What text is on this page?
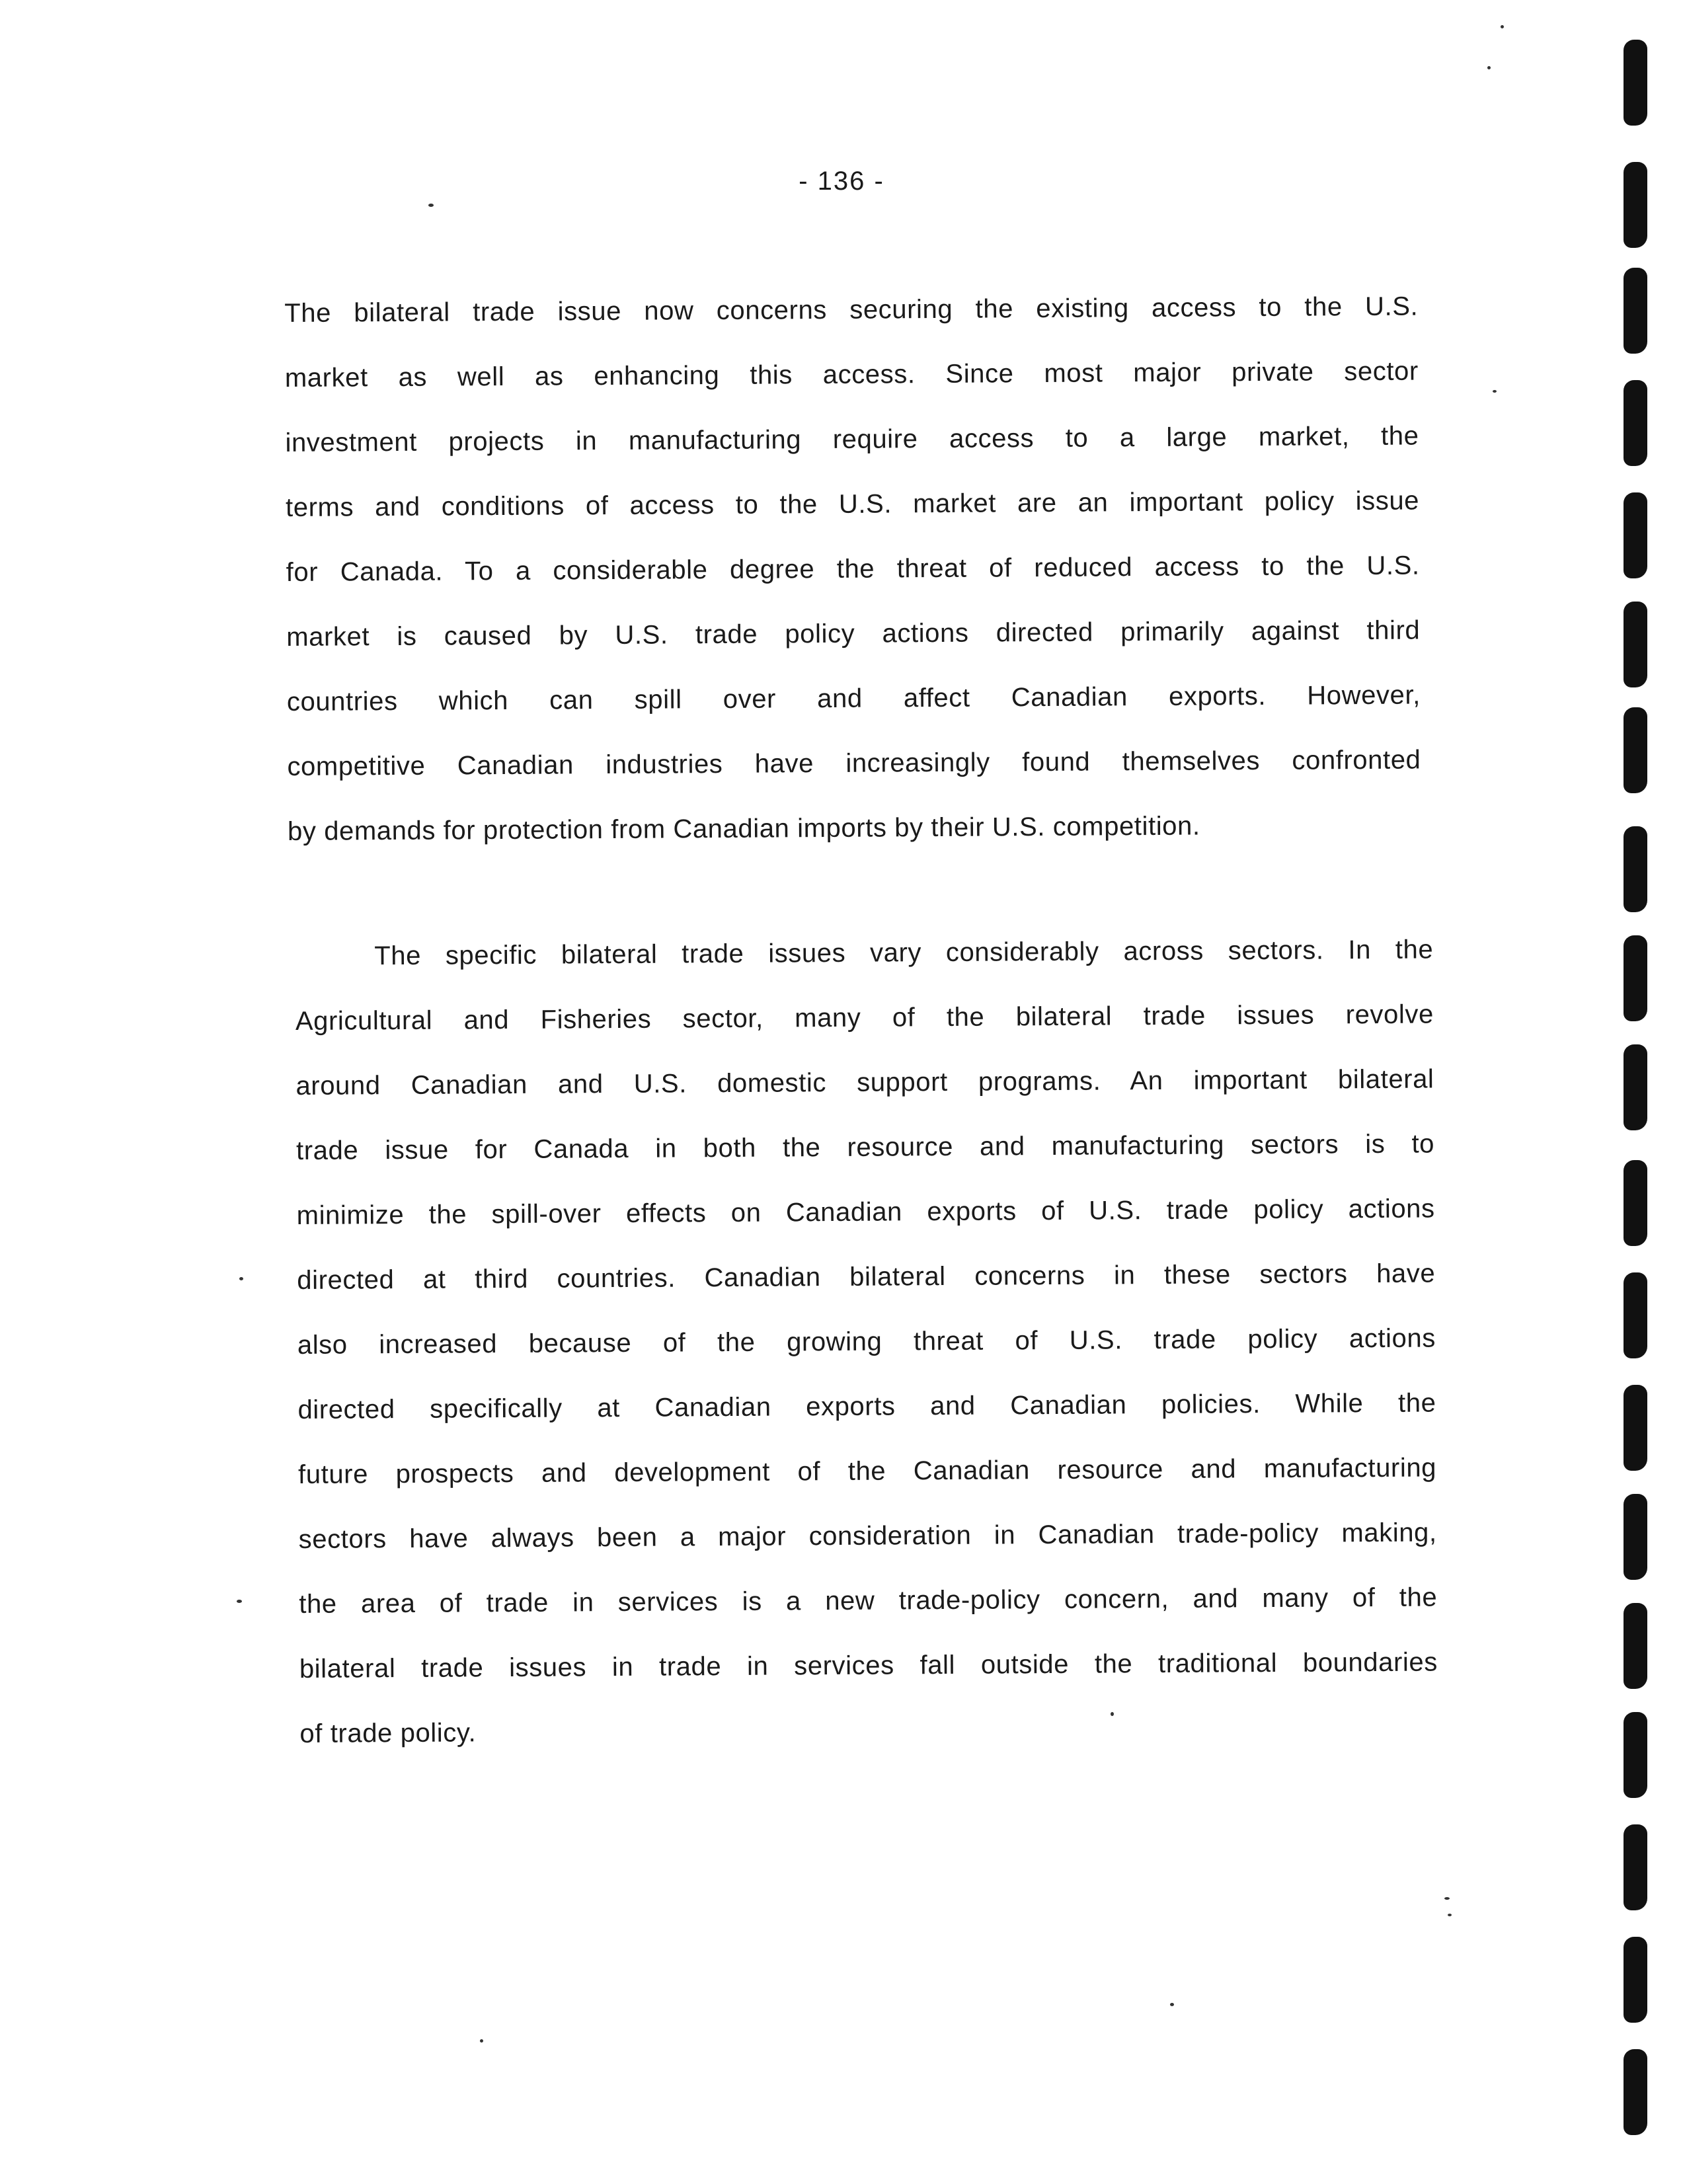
- 136 -
The bilateral trade issue now concerns securing the existing access to the U.S.
market as well as enhancing this access. Since most major private sector
investment projects in manufacturing require access to a large market, the
terms and conditions of access to the U.S. market are an important policy issue
for Canada. To a considerable degree the threat of reduced access to the U.S.
market is caused by U.S. trade policy actions directed primarily against third
countries which can spill over and affect Canadian exports. However,
competitive Canadian industries have increasingly found themselves confronted
by demands for protection from Canadian imports by their U.S. competition.
The specific bilateral trade issues vary considerably across sectors. In the
Agricultural and Fisheries sector, many of the bilateral trade issues revolve
around Canadian and U.S. domestic support programs. An important bilateral
trade issue for Canada in both the resource and manufacturing sectors is to
minimize the spill-over effects on Canadian exports of U.S. trade policy actions
directed at third countries. Canadian bilateral concerns in these sectors have
also increased because of the growing threat of U.S. trade policy actions
directed specifically at Canadian exports and Canadian policies. While the
future prospects and development of the Canadian resource and manufacturing
sectors have always been a major consideration in Canadian trade-policy making,
the area of trade in services is a new trade-policy concern, and many of the
bilateral trade issues in trade in services fall outside the traditional boundaries
of trade policy.
